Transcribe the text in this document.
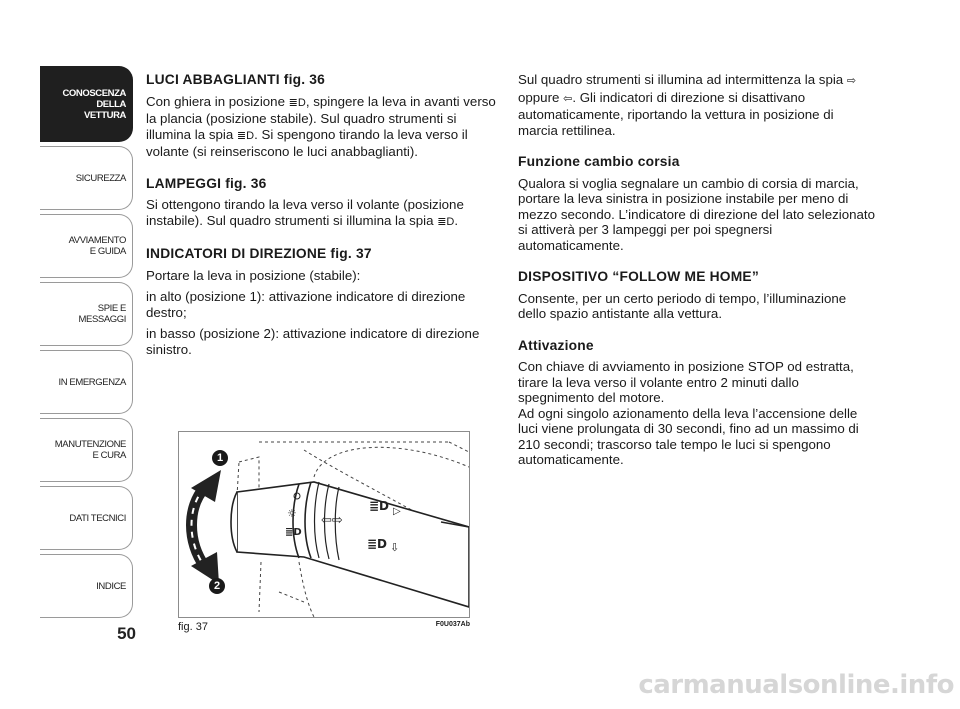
CONOSCENZA
DELLA
VETTURA
SICUREZZA
AVVIAMENTO
E GUIDA
SPIE E
MESSAGGI
IN EMERGENZA
MANUTENZIONE
E CURA
DATI TECNICI
INDICE
50
LUCI ABBAGLIANTI fig. 36

Con ghiera in posizione ≣D, spingere la leva in avanti verso la plancia (posizione stabile). Sul quadro strumenti si illumina la spia ≣D. Si spengono tirando la leva verso il volante (si reinseriscono le luci anabbaglianti).

LAMPEGGI fig. 36

Si ottengono tirando la leva verso il volante (posizione instabile). Sul quadro strumenti si illumina la spia ≣D.

INDICATORI DI DIREZIONE fig. 37

Portare la leva in posizione (stabile):

in alto (posizione 1): attivazione indicatore di direzione destro;

in basso (posizione 2): attivazione indicatore di direzione sinistro.

Sul quadro strumenti si illumina ad intermittenza la spia ⇨ oppure ⇦. Gli indicatori di direzione si disattivano automaticamente, riportando la vettura in posizione di marcia rettilinea.

Funzione cambio corsia

Qualora si voglia segnalare un cambio di corsia di marcia, portare la leva sinistra in posizione instabile per meno di mezzo secondo. L’indicatore di direzione del lato selezionato si attiverà per 3 lampeggi per poi spegnersi automaticamente.

DISPOSITIVO “FOLLOW ME HOME”

Consente, per un certo periodo di tempo, l’illuminazione dello spazio antistante alla vettura.

Attivazione

Con chiave di avviamento in posizione STOP od estratta, tirare la leva verso il volante entro 2 minuti dallo spegnimento del motore.

Ad ogni singolo azionamento della leva l’accensione delle luci viene prolungata di 30 secondi, fino ad un massimo di 210 secondi; trascorso tale tempo le luci si spengono automaticamente.

☼
≣D
⇦⇨
≣D ▷
≣D ⇩
1
2
fig. 37	F0U037Ab
carmanualsonline.info
